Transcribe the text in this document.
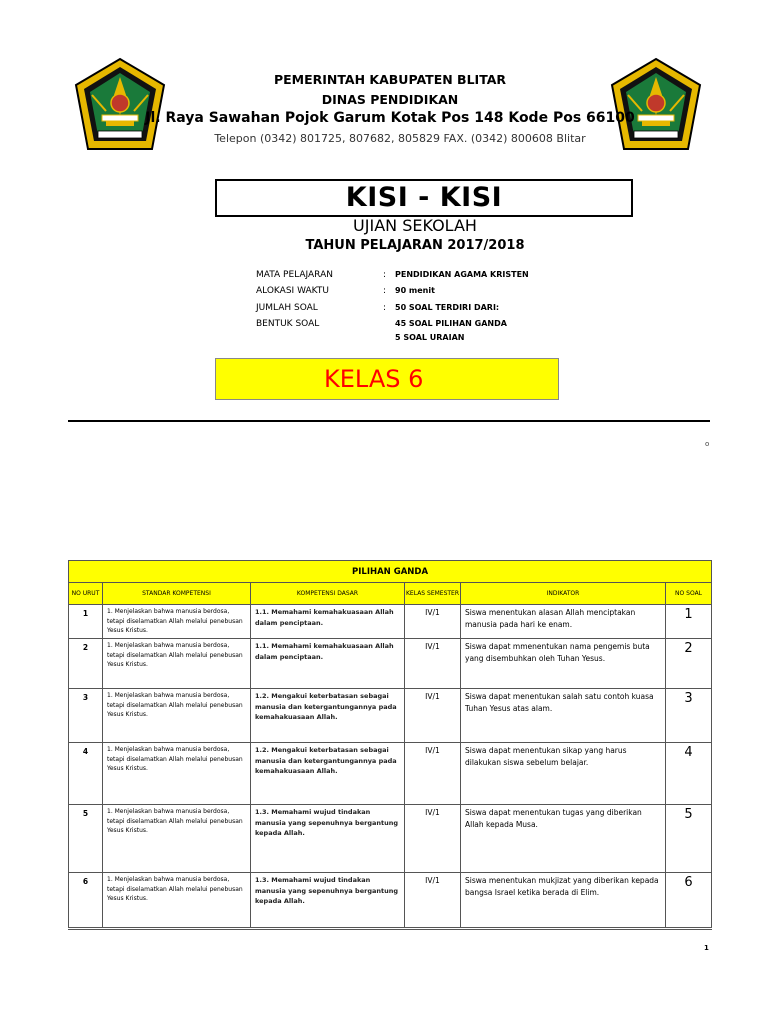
PEMERINTAH KABUPATEN BLITAR
DINAS PENDIDIKAN
Jl. Raya Sawahan Pojok Garum Kotak Pos 148 Kode Pos 66100
Telepon (0342) 801725, 807682, 805829 FAX. (0342) 800608 Blitar
KISI - KISI
UJIAN SEKOLAH
TAHUN PELAJARAN 2017/2018
MATA PELAJARAN	: PENDIDIKAN AGAMA KRISTEN
ALOKASI WAKTU	: 90 menit
JUMLAH SOAL	: 50 SOAL TERDIRI DARI:
BENTUK SOAL	45 SOAL PILIHAN GANDA
5 SOAL URAIAN
KELAS 6
o
PILIHAN GANDA					
NO URUT	STANDAR KOMPETENSI	KOMPETENSI DASAR	KELAS SEMESTER	INDIKATOR	NO SOAL
1	1. Menjelaskan bahwa manusia berdosa, tetapi diselamatkan Allah melalui penebusan Yesus Kristus.	1.1. Memahami kemahakuasaan Allah dalam penciptaan.	IV/1	Siswa menentukan alasan Allah menciptakan manusia pada hari ke enam.	1
2	1. Menjelaskan bahwa manusia berdosa, tetapi diselamatkan Allah melalui penebusan Yesus Kristus.	1.1. Memahami kemahakuasaan Allah dalam penciptaan.	IV/1	Siswa dapat mmenentukan nama pengemis buta yang disembuhkan oleh Tuhan Yesus.	2
3	1. Menjelaskan bahwa manusia berdosa, tetapi diselamatkan Allah melalui penebusan Yesus Kristus.	1.2. Mengakui keterbatasan sebagai manusia dan ketergantungannya pada kemahakuasaan Allah.	IV/1	Siswa dapat menentukan salah satu contoh kuasa Tuhan Yesus atas alam.	3
4	1. Menjelaskan bahwa manusia berdosa, tetapi diselamatkan Allah melalui penebusan Yesus Kristus.	1.2. Mengakui keterbatasan sebagai manusia dan ketergantungannya pada kemahakuasaan Allah.	IV/1	Siswa dapat menentukan sikap yang harus dilakukan siswa sebelum belajar.	4
5	1. Menjelaskan bahwa manusia berdosa, tetapi diselamatkan Allah melalui penebusan Yesus Kristus.	1.3. Memahami wujud tindakan manusia yang sepenuhnya bergantung kepada Allah.	IV/1	Siswa dapat menentukan tugas yang diberikan Allah kepada Musa.	5
6	1. Menjelaskan bahwa manusia berdosa, tetapi diselamatkan Allah melalui penebusan Yesus Kristus.	1.3. Memahami wujud tindakan manusia yang sepenuhnya bergantung kepada Allah.	IV/1	Siswa menentukan mukjizat yang diberikan kepada bangsa Israel ketika berada di Elim.	6
1
